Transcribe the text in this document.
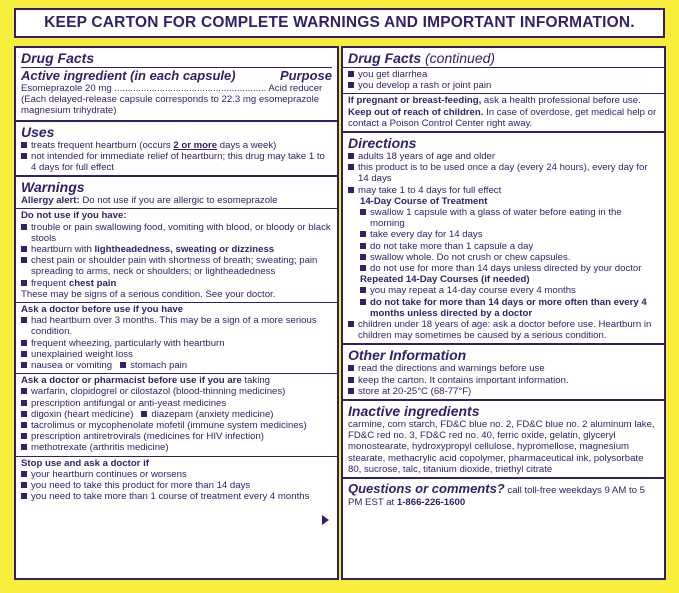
KEEP CARTON FOR COMPLETE WARNINGS AND IMPORTANT INFORMATION.
Drug Facts
Active ingredient (in each capsule)	Purpose
Esomeprazole 20 mg ......................................................... Acid reducer
(Each delayed-release capsule corresponds to 22.3 mg esomeprazole magnesium trihydrate)
Uses
treats frequent heartburn (occurs 2 or more days a week)
not intended for immediate relief of heartburn; this drug may take 1 to 4 days for full effect
Warnings
Allergy alert: Do not use if you are allergic to esomeprazole
Do not use if you have:
trouble or pain swallowing food, vomiting with blood, or bloody or black stools
heartburn with lightheadedness, sweating or dizziness
chest pain or shoulder pain with shortness of breath; sweating; pain spreading to arms, neck or shoulders; or lightheadedness
frequent chest pain
These may be signs of a serious condition. See your doctor.
Ask a doctor before use if you have
had heartburn over 3 months. This may be a sign of a more serious condition.
frequent wheezing, particularly with heartburn
unexplained weight loss
nausea or vomiting stomach pain
Ask a doctor or pharmacist before use if you are taking
warfarin, clopidogrel or cilostazol (blood-thinning medicines)
prescription antifungal or anti-yeast medicines
digoxin (heart medicine) diazepam (anxiety medicine)
tacrolimus or mycophenolate mofetil (immune system medicines)
prescription antiretrovirals (medicines for HIV infection)
methotrexate (arthritis medicine)
Stop use and ask a doctor if
your heartburn continues or worsens
you need to take this product for more than 14 days
you need to take more than 1 course of treatment every 4 months
Drug Facts (continued)
you get diarrhea
you develop a rash or joint pain
If pregnant or breast-feeding, ask a health professional before use.
Keep out of reach of children. In case of overdose, get medical help or contact a Poison Control Center right away.
Directions
adults 18 years of age and older
this product is to be used once a day (every 24 hours), every day for 14 days
may take 1 to 4 days for full effect
14-Day Course of Treatment
swallow 1 capsule with a glass of water before eating in the morning
take every day for 14 days
do not take more than 1 capsule a day
swallow whole. Do not crush or chew capsules.
do not use for more than 14 days unless directed by your doctor
Repeated 14-Day Courses (if needed)
you may repeat a 14-day course every 4 months
do not take for more than 14 days or more often than every 4 months unless directed by a doctor
children under 18 years of age: ask a doctor before use. Heartburn in children may sometimes be caused by a serious condition.
Other Information
read the directions and warnings before use
keep the carton. It contains important information.
store at 20-25°C (68-77°F)
Inactive ingredients
carmine, corn starch, FD&C blue no. 2, FD&C blue no. 2 aluminum lake, FD&C red no. 3, FD&C red no. 40, ferric oxide, gelatin, glyceryl monostearate, hydroxypropyl cellulose, hypromellose, magnesium stearate, methacrylic acid copolymer, pharmaceutical ink, polysorbate 80, sucrose, talc, titanium dioxide, triethyl citrate
Questions or comments? call toll-free weekdays 9 AM to 5 PM EST at 1-866-226-1600
